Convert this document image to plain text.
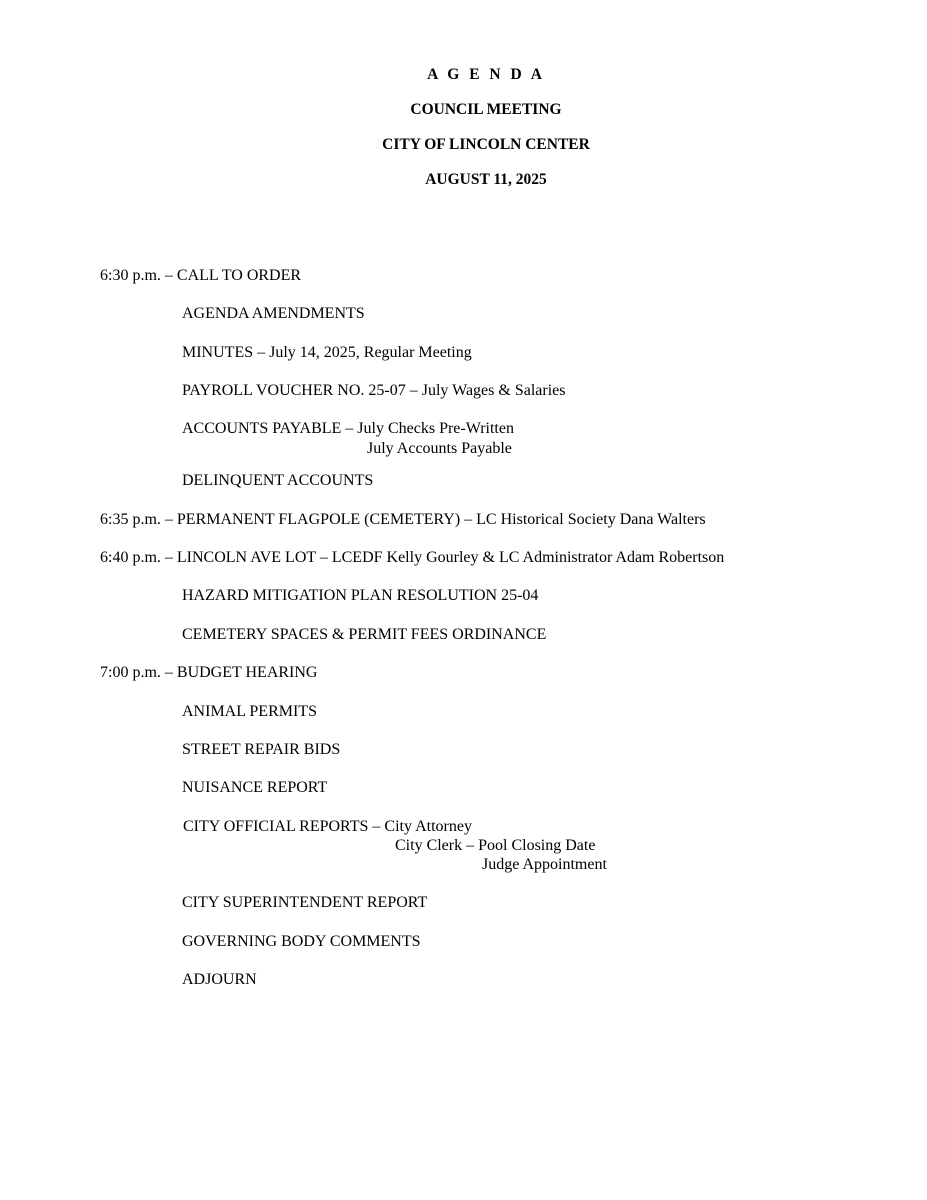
A G E N D A
COUNCIL MEETING
CITY OF LINCOLN CENTER
AUGUST 11, 2025
6:30 p.m. – CALL TO ORDER
AGENDA AMENDMENTS
MINUTES – July 14, 2025, Regular Meeting
PAYROLL VOUCHER NO. 25-07 – July Wages & Salaries
ACCOUNTS PAYABLE – July Checks Pre-Written
July Accounts Payable
DELINQUENT ACCOUNTS
6:35 p.m. – PERMANENT FLAGPOLE (CEMETERY) – LC Historical Society Dana Walters
6:40 p.m. – LINCOLN AVE LOT – LCEDF Kelly Gourley & LC Administrator Adam Robertson
HAZARD MITIGATION PLAN RESOLUTION 25-04
CEMETERY SPACES & PERMIT FEES ORDINANCE
7:00 p.m. – BUDGET HEARING
ANIMAL PERMITS
STREET REPAIR BIDS
NUISANCE REPORT
CITY OFFICIAL REPORTS – City Attorney
City Clerk – Pool Closing Date
Judge Appointment
CITY SUPERINTENDENT REPORT
GOVERNING BODY COMMENTS
ADJOURN
